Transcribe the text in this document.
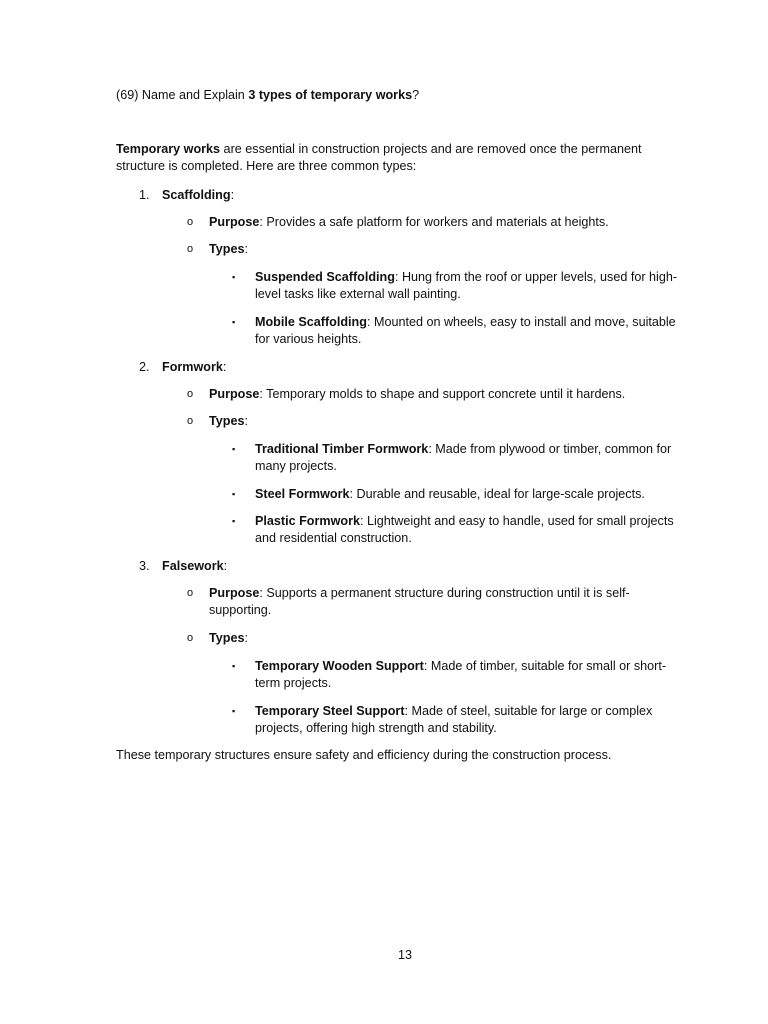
(69) Name and Explain 3 types of temporary works?
Temporary works are essential in construction projects and are removed once the permanent structure is completed. Here are three common types:
1. Scaffolding:
o Purpose: Provides a safe platform for workers and materials at heights.
o Types:
▪ Suspended Scaffolding: Hung from the roof or upper levels, used for high-level tasks like external wall painting.
▪ Mobile Scaffolding: Mounted on wheels, easy to install and move, suitable for various heights.
2. Formwork:
o Purpose: Temporary molds to shape and support concrete until it hardens.
o Types:
▪ Traditional Timber Formwork: Made from plywood or timber, common for many projects.
▪ Steel Formwork: Durable and reusable, ideal for large-scale projects.
▪ Plastic Formwork: Lightweight and easy to handle, used for small projects and residential construction.
3. Falsework:
o Purpose: Supports a permanent structure during construction until it is self-supporting.
o Types:
▪ Temporary Wooden Support: Made of timber, suitable for small or short-term projects.
▪ Temporary Steel Support: Made of steel, suitable for large or complex projects, offering high strength and stability.
These temporary structures ensure safety and efficiency during the construction process.
13
